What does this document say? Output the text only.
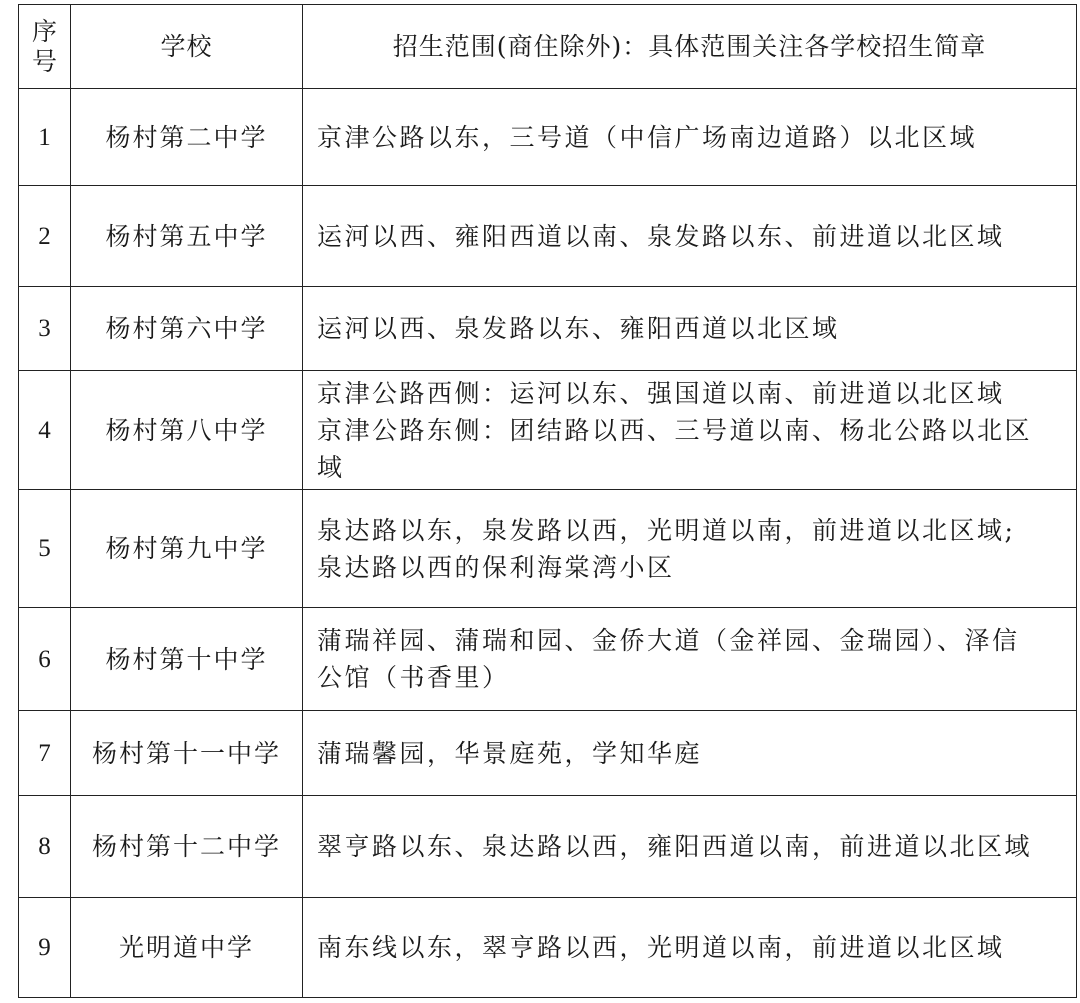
序
号	学校	招生范围(商住除外)：具体范围关注各学校招生简章
1	杨村第二中学	京津公路以东，三号道（中信广场南边道路）以北区域

2	杨村第五中学	运河以西、雍阳西道以南、泉发路以东、前进道以北区域

3	杨村第六中学	运河以西、泉发路以东、雍阳西道以北区域

4	杨村第八中学	京津公路西侧：运河以东、强国道以南、前进道以北区域
京津公路东侧：团结路以西、三号道以南、杨北公路以北区
域

5	杨村第九中学	泉达路以东，泉发路以西，光明道以南，前进道以北区域;
泉达路以西的保利海棠湾小区

6	杨村第十中学	蒲瑞祥园、蒲瑞和园、金侨大道（金祥园、金瑞园）、泽信
公馆（书香里）

7	杨村第十一中学	蒲瑞馨园，华景庭苑，学知华庭

8	杨村第十二中学	翠亨路以东、泉达路以西，雍阳西道以南，前进道以北区域

9	光明道中学	南东线以东，翠亨路以西，光明道以南，前进道以北区域
